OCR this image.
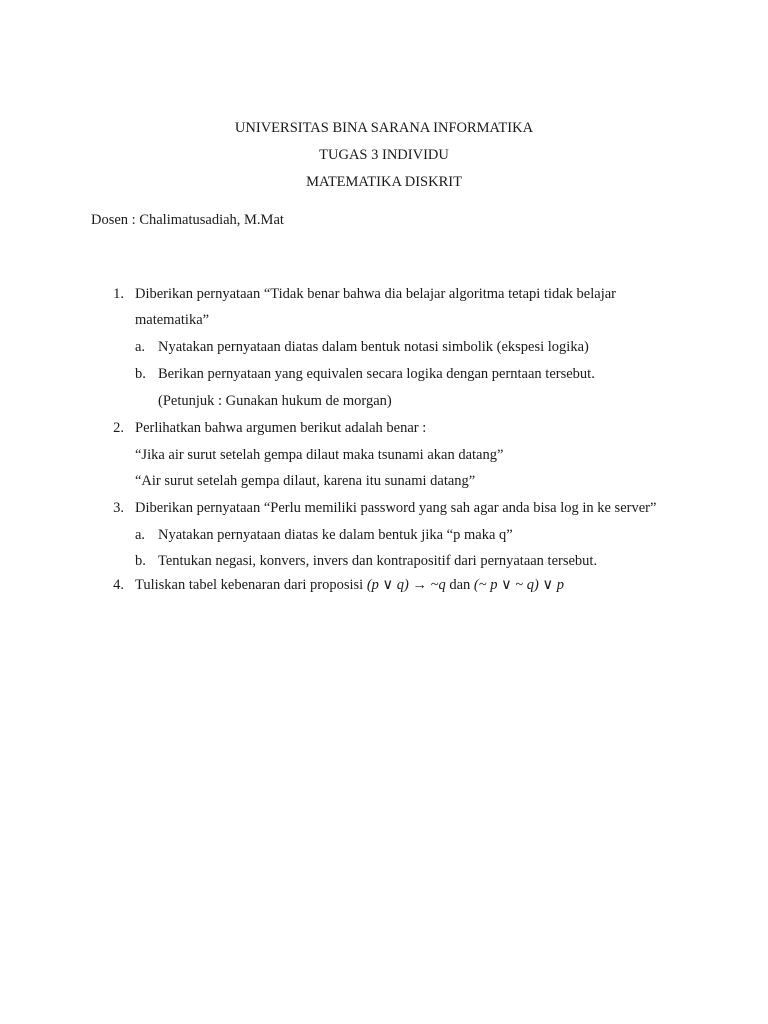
UNIVERSITAS BINA SARANA INFORMATIKA
TUGAS 3 INDIVIDU
MATEMATIKA DISKRIT
Dosen : Chalimatusadiah, M.Mat
1. Diberikan pernyataan “Tidak benar bahwa dia belajar algoritma tetapi tidak belajar
matematika”
a. Nyatakan pernyataan diatas dalam bentuk notasi simbolik (ekspesi logika)
b. Berikan pernyataan yang equivalen secara logika dengan perntaan tersebut.
(Petunjuk : Gunakan hukum de morgan)
2. Perlihatkan bahwa argumen berikut adalah benar :
“Jika air surut setelah gempa dilaut maka tsunami akan datang”
“Air surut setelah gempa dilaut, karena itu sunami datang”
3. Diberikan pernyataan “Perlu memiliki password yang sah agar anda bisa log in ke server”
a. Nyatakan pernyataan diatas ke dalam bentuk jika “p maka q”
b. Tentukan negasi, konvers, invers dan kontrapositif dari pernyataan tersebut.
4. Tuliskan tabel kebenaran dari proposisi (p ∨ q) → ~q dan (~ p ∨ ~ q) ∨ p
